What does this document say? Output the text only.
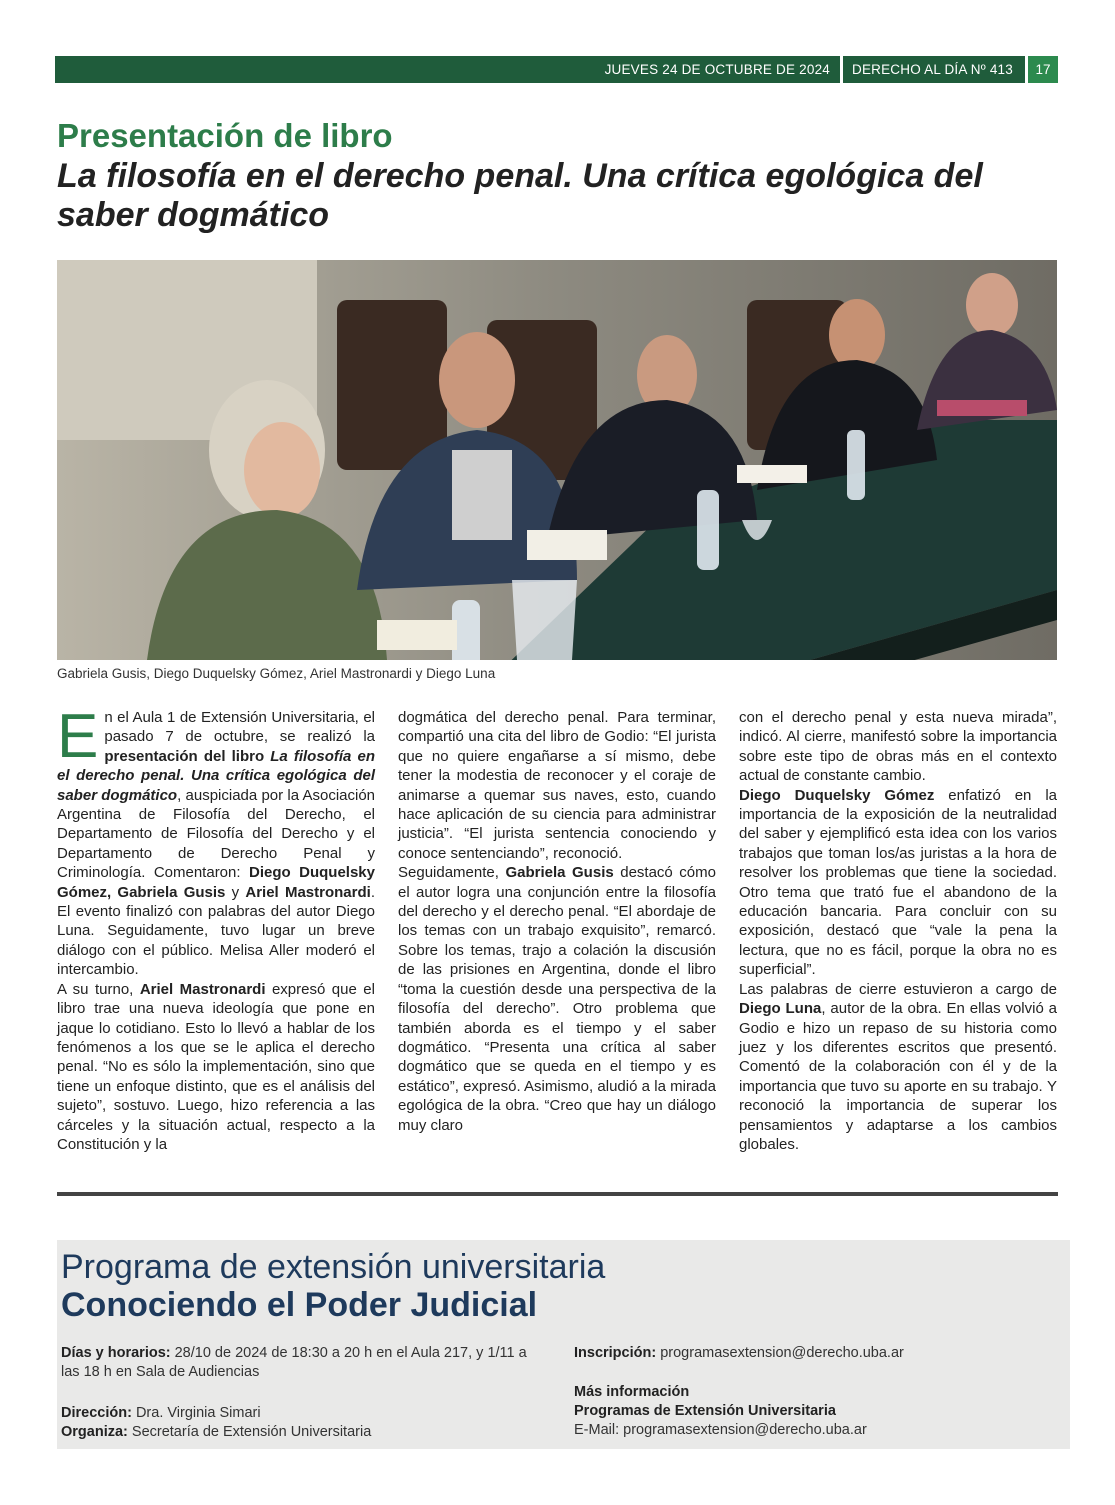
JUEVES 24 DE OCTUBRE DE 2024 DERECHO AL DÍA Nº 413	17
Presentación de libro
La filosofía en el derecho penal. Una crítica egológica del saber dogmático
Gabriela Gusis, Diego Duquelsky Gómez, Ariel Mastronardi y Diego Luna

En el Aula 1 de Extensión Universitaria, el pasado 7 de octubre, se realizó la presentación del libro La filosofía en el derecho penal. Una crítica egológica del saber dogmático, auspiciada por la Asociación Argentina de Filosofía del Derecho, el Departamento de Filosofía del Derecho y el Departamento de Derecho Penal y Criminología. Comentaron: Diego Duquelsky Gómez, Gabriela Gusis y Ariel Mastronardi. El evento finalizó con palabras del autor Diego Luna. Seguidamente, tuvo lugar un breve diálogo con el público. Melisa Aller moderó el intercambio.

A su turno, Ariel Mastronardi expresó que el libro trae una nueva ideología que pone en jaque lo cotidiano. Esto lo llevó a hablar de los fenómenos a los que se le aplica el derecho penal. “No es sólo la implementación, sino que tiene un enfoque distinto, que es el análisis del sujeto”, sostuvo. Luego, hizo referencia a las cárceles y la situación actual, respecto a la Constitución y la

dogmática del derecho penal. Para terminar, compartió una cita del libro de Godio: “El jurista que no quiere engañarse a sí mismo, debe tener la modestia de reconocer y el coraje de animarse a quemar sus naves, esto, cuando hace aplicación de su ciencia para administrar justicia”. “El jurista sentencia conociendo y conoce sentenciando”, reconoció.

Seguidamente, Gabriela Gusis destacó cómo el autor logra una conjunción entre la filosofía del derecho y el derecho penal. “El abordaje de los temas con un trabajo exquisito”, remarcó. Sobre los temas, trajo a colación la discusión de las prisiones en Argentina, donde el libro “toma la cuestión desde una perspectiva de la filosofía del derecho”. Otro problema que también aborda es el tiempo y el saber dogmático. “Presenta una crítica al saber dogmático que se queda en el tiempo y es estático”, expresó. Asimismo, aludió a la mirada egológica de la obra. “Creo que hay un diálogo muy claro

con el derecho penal y esta nueva mirada”, indicó. Al cierre, manifestó sobre la importancia sobre este tipo de obras más en el contexto actual de constante cambio.

Diego Duquelsky Gómez enfatizó en la importancia de la exposición de la neutralidad del saber y ejemplificó esta idea con los varios trabajos que toman los/as juristas a la hora de resolver los problemas que tiene la sociedad. Otro tema que trató fue el abandono de la educación bancaria. Para concluir con su exposición, destacó que “vale la pena la lectura, que no es fácil, porque la obra no es superficial”.

Las palabras de cierre estuvieron a cargo de Diego Luna, autor de la obra. En ellas volvió a Godio e hizo un repaso de su historia como juez y los diferentes escritos que presentó. Comentó de la colaboración con él y de la importancia que tuvo su aporte en su trabajo. Y reconoció la importancia de superar los pensamientos y adaptarse a los cambios globales.

Programa de extensión universitaria
Conociendo el Poder Judicial
Días y horarios: 28/10 de 2024 de 18:30 a 20 h en el Aula 217, y 1/11 a las 18 h en Sala de Audiencias
Dirección: Dra. Virginia Simari
Organiza: Secretaría de Extensión Universitaria
Inscripción: programasextension@derecho.uba.ar
Más información
Programas de Extensión Universitaria
E-Mail: programasextension@derecho.uba.ar
